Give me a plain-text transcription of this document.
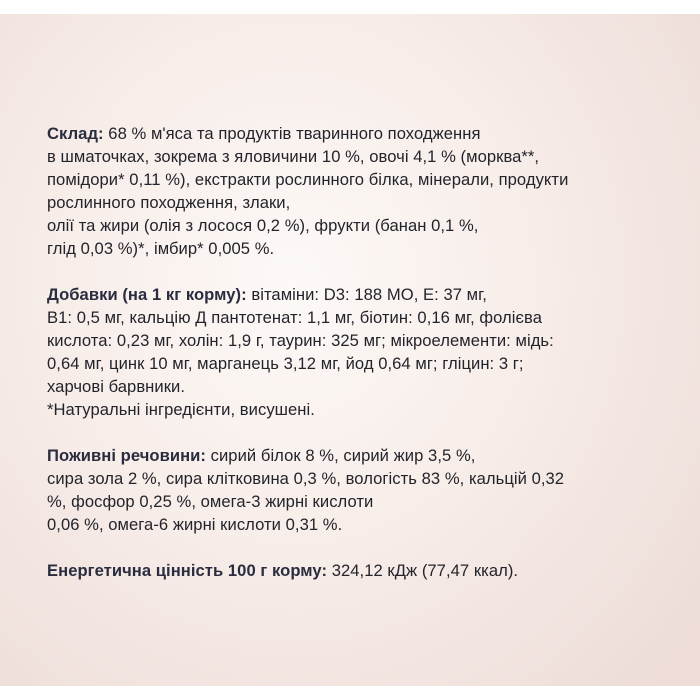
Склад: 68 % м'яса та продуктів тваринного походження
в шматочках, зокрема з яловичини 10 %, овочі 4,1 % (морква**,
помідори* 0,11 %), екстракти рослинного білка, мінерали, продукти
рослинного походження, злаки,
олії та жири (олія з лосося 0,2 %), фрукти (банан 0,1 %,
глід 0,03 %)*, імбир* 0,005 %.

Добавки (на 1 кг корму): вітаміни: D3: 188 МО, E: 37 мг,
B1: 0,5 мг, кальцію Д пантотенат: 1,1 мг, біотин: 0,16 мг, фолієва
кислота: 0,23 мг, холін: 1,9 г, таурин: 325 мг; мікроелементи: мідь:
0,64 мг, цинк 10 мг, марганець 3,12 мг, йод 0,64 мг; гліцин: 3 г;
харчові барвники.
*Натуральні інгредієнти, висушені.

Поживні речовини: сирий білок 8 %, сирий жир 3,5 %,
сира зола 2 %, сира клітковина 0,3 %, вологість 83 %, кальцій 0,32
%, фосфор 0,25 %, омега-3 жирні кислоти
0,06 %, омега-6 жирні кислоти 0,31 %.

Енергетична цінність 100 г корму: 324,12 кДж (77,47 ккал).
